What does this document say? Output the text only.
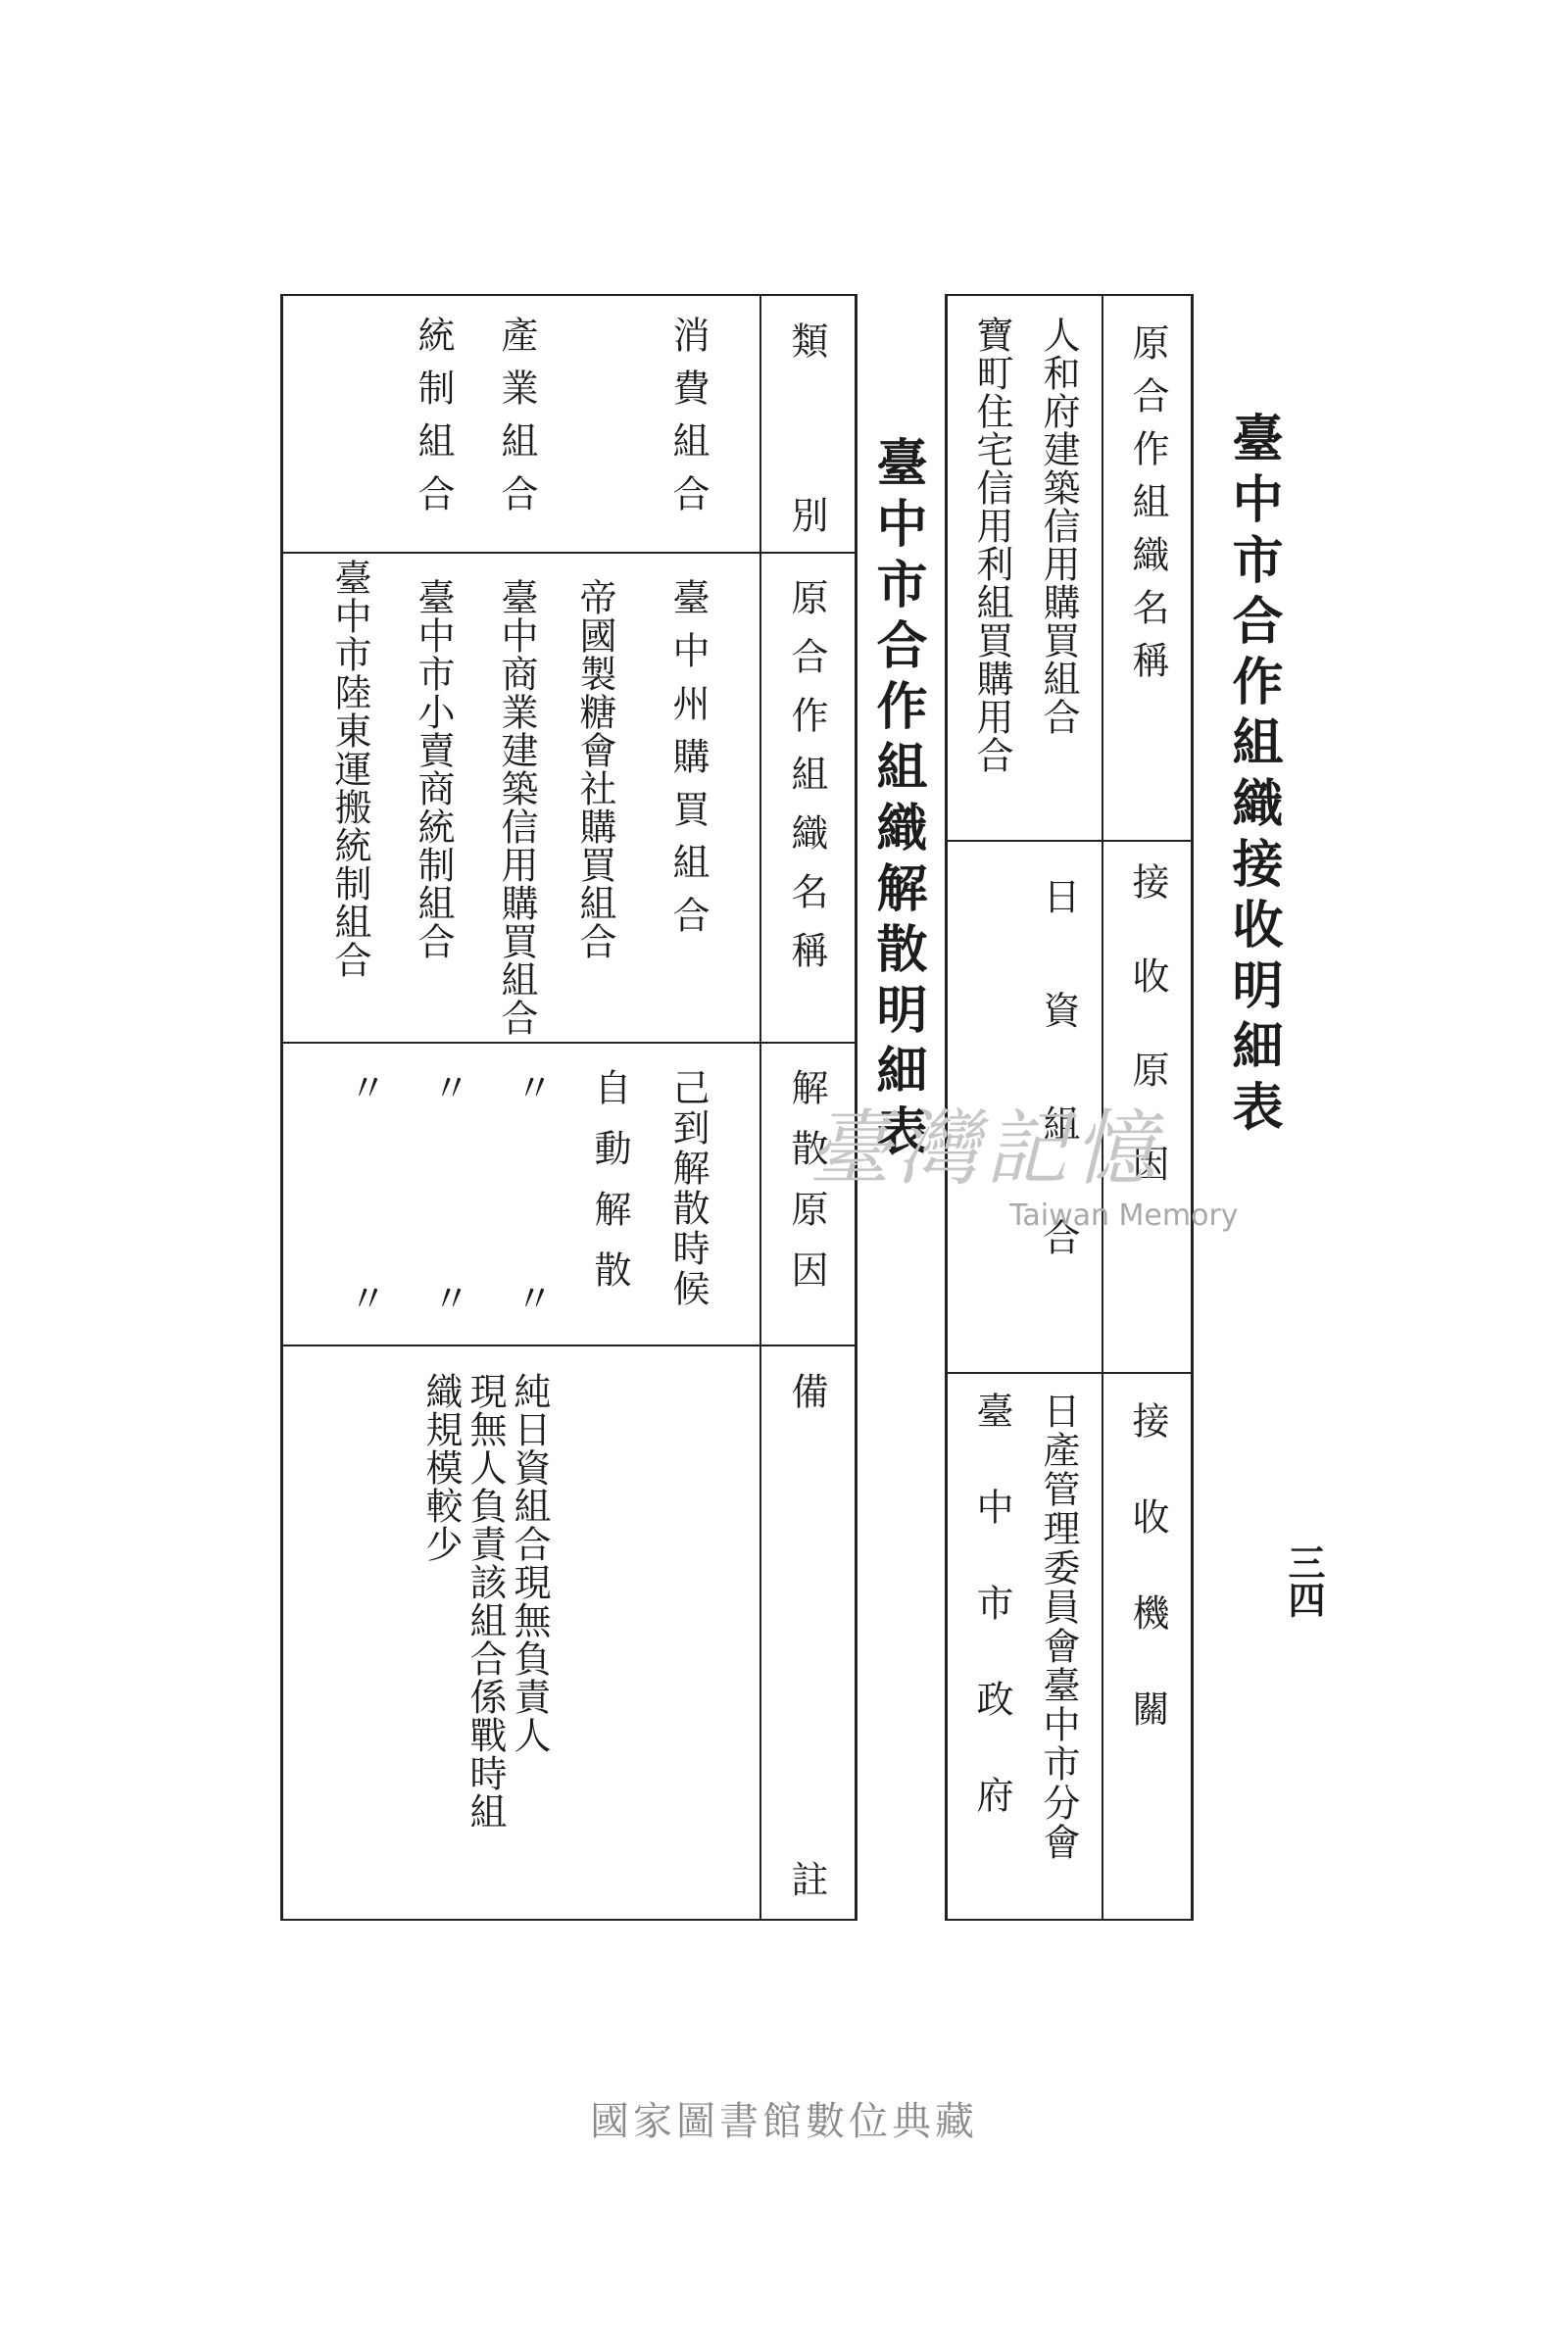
臺中市合作組織接收明細表
三四
原合作組織名稱
接收原因
接收機關
人和府建築信用購買組合
寶町住宅信用利組買購用合
日資組合
日產管理委員會臺中市分會
臺中市政府
臺中市合作組織解散明細表
類別
原合作組織名稱
解散原因
備註
消費組合
產業組合
統制組合
臺中州購買組合
帝國製糖會社購買組合
臺中商業建築信用購買組合
臺中市小賣商統制組合
臺中市陸東運搬統制組合
己到解散時候
自動解散
〃
〃
〃
〃
〃
〃
純日資組合現無負責人
現無人負責該組合係戰時組
織規模較少
臺灣記憶
Taiwan Memory
國家圖書館數位典藏
